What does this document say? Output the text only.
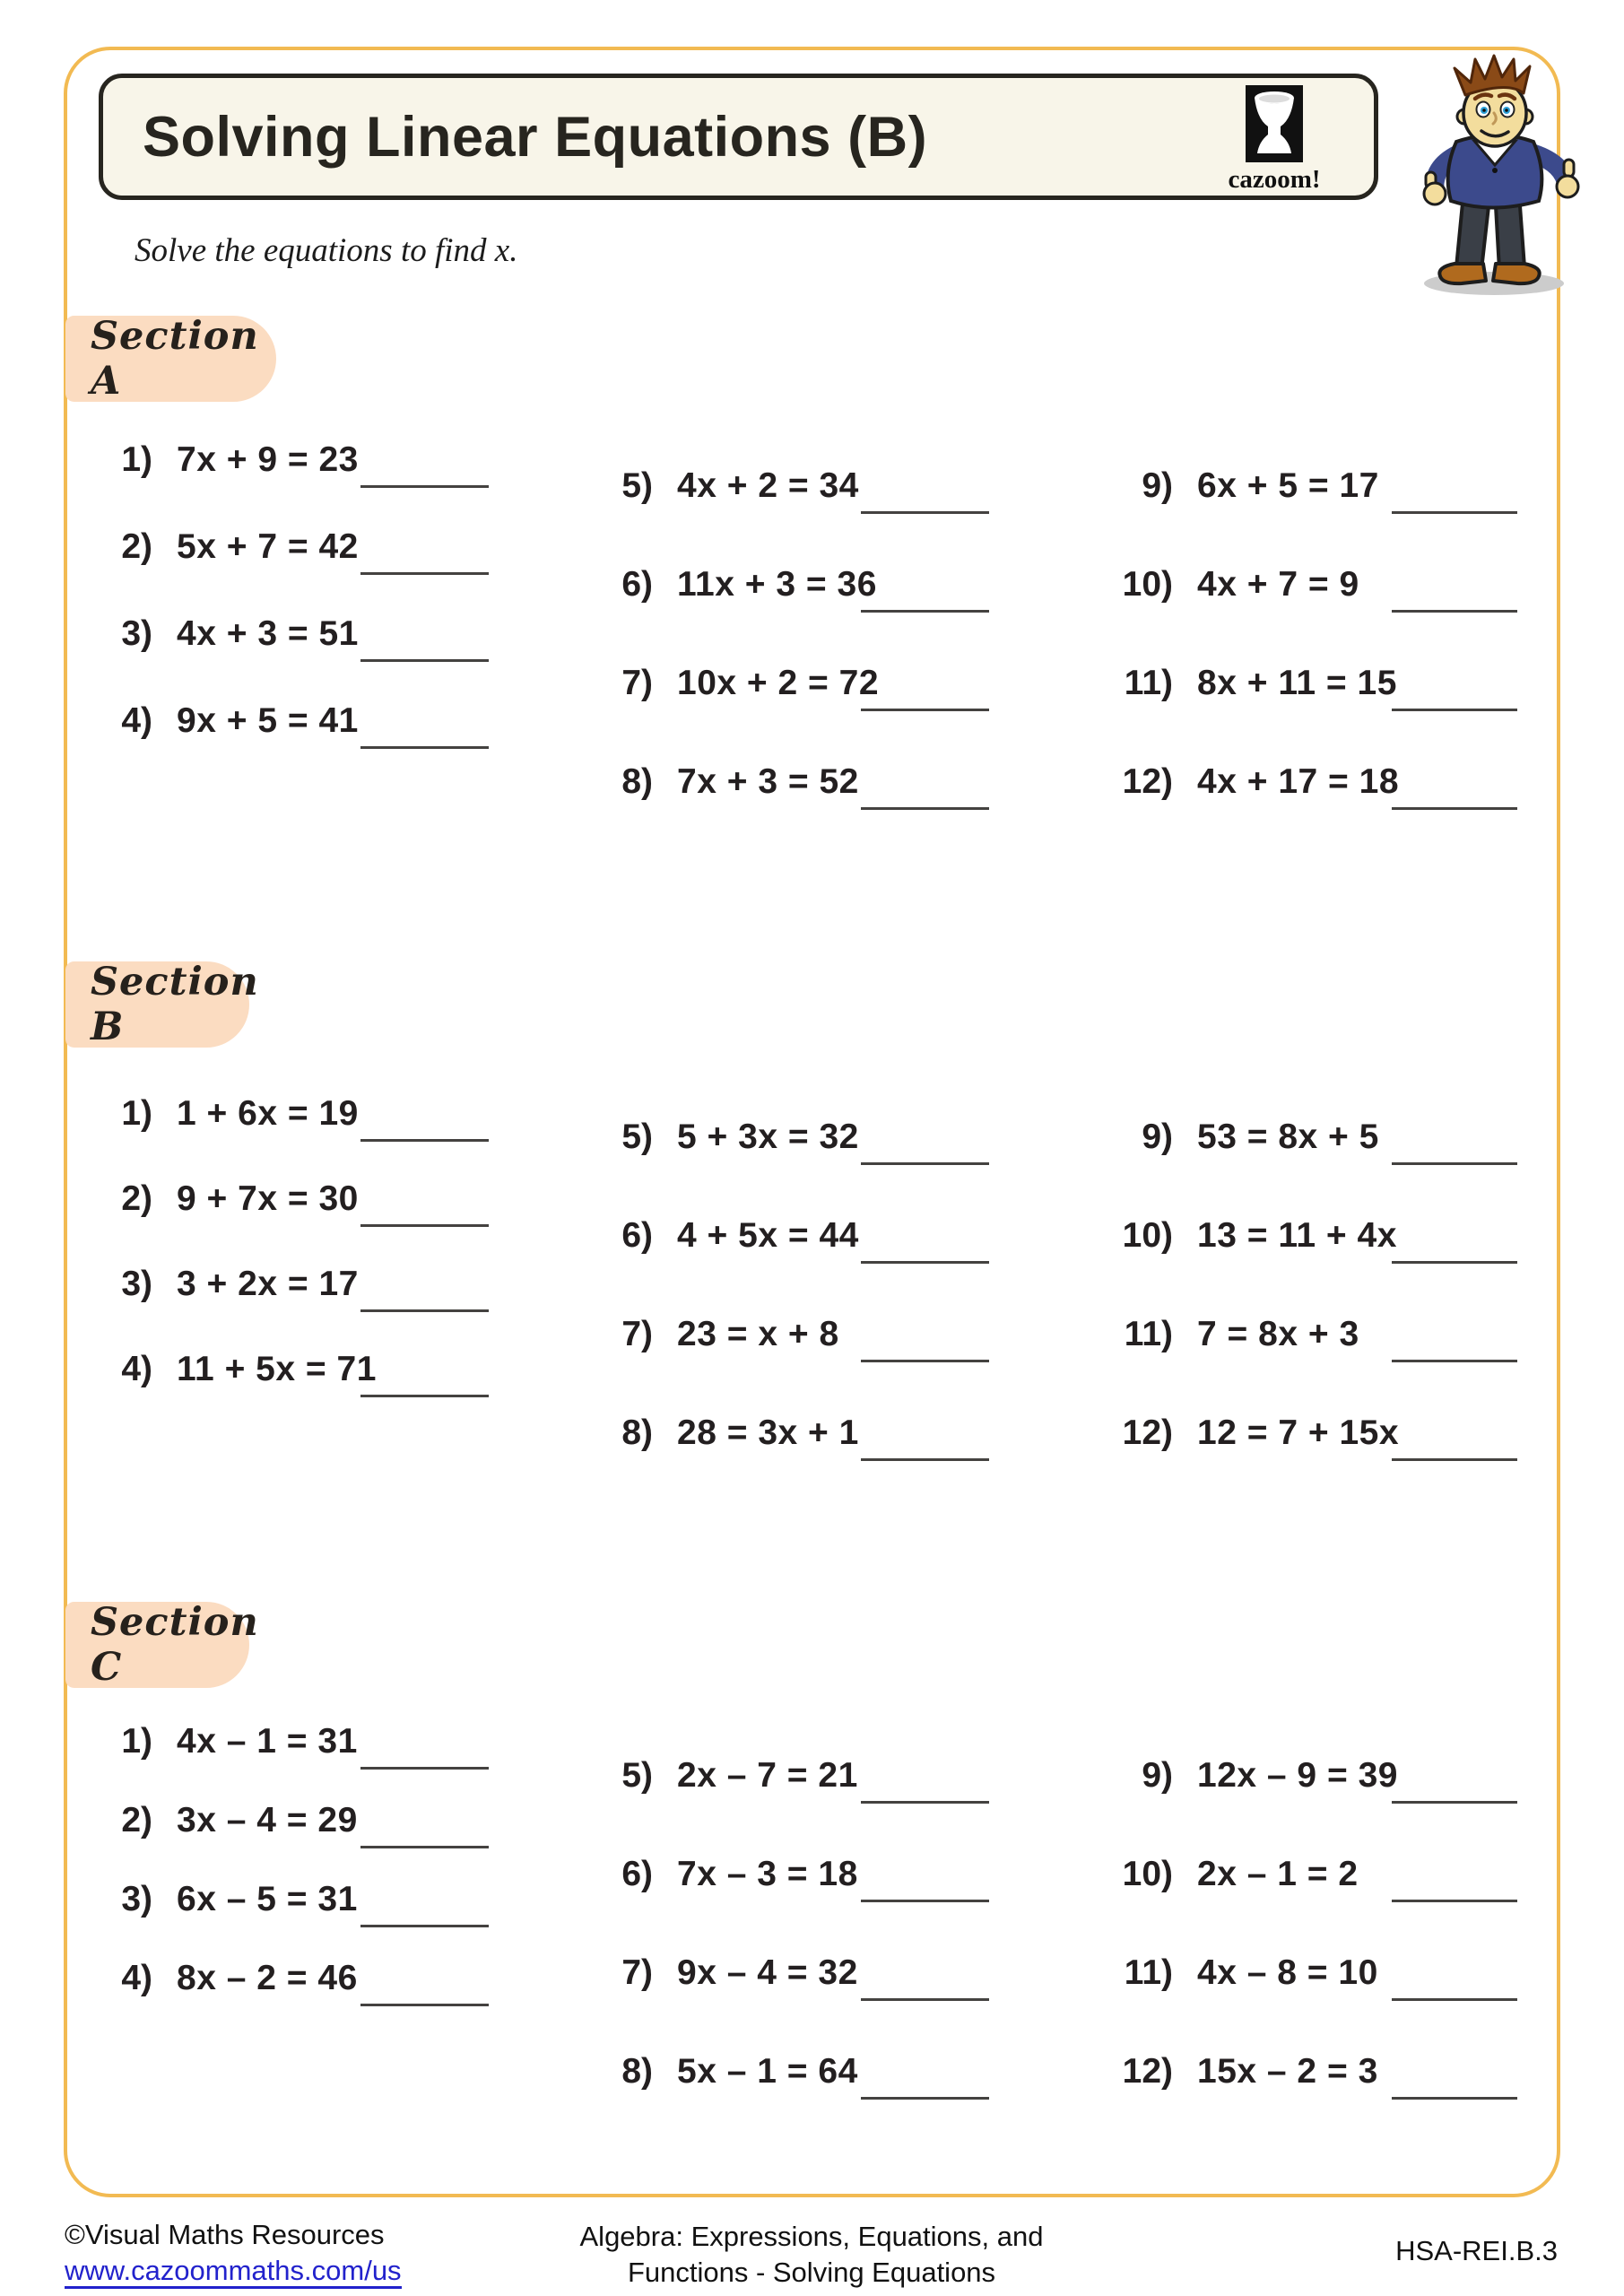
Solving Linear Equations (B)
cazoom!
Solve the equations to find x.
Section A
1) 7x + 9 = 23
2) 5x + 7 = 42
3) 4x + 3 = 51
4) 9x + 5 = 41
5) 4x + 2 = 34
6) 11x + 3 = 36
7) 10x + 2 = 72
8) 7x + 3 = 52
9) 6x + 5 = 17
10) 4x + 7 = 9
11) 8x + 11 = 15
12) 4x + 17 = 18
Section B
1) 1 + 6x = 19
2) 9 + 7x = 30
3) 3 + 2x = 17
4) 11 + 5x = 71
5) 5 + 3x = 32
6) 4 + 5x = 44
7) 23 = x + 8
8) 28 = 3x + 1
9) 53 = 8x + 5
10) 13 = 11 + 4x
11) 7 = 8x + 3
12) 12 = 7 + 15x
Section C
1) 4x – 1 = 31
2) 3x – 4 = 29
3) 6x – 5 = 31
4) 8x – 2 = 46
5) 2x – 7 = 21
6) 7x – 3 = 18
7) 9x – 4 = 32
8) 5x – 1 = 64
9) 12x – 9 = 39
10) 2x – 1 = 2
11) 4x – 8 = 10
12) 15x – 2 = 3
©Visual Maths Resources
www.cazoommaths.com/us
Algebra: Expressions, Equations, and
Functions - Solving Equations
HSA-REI.B.3
